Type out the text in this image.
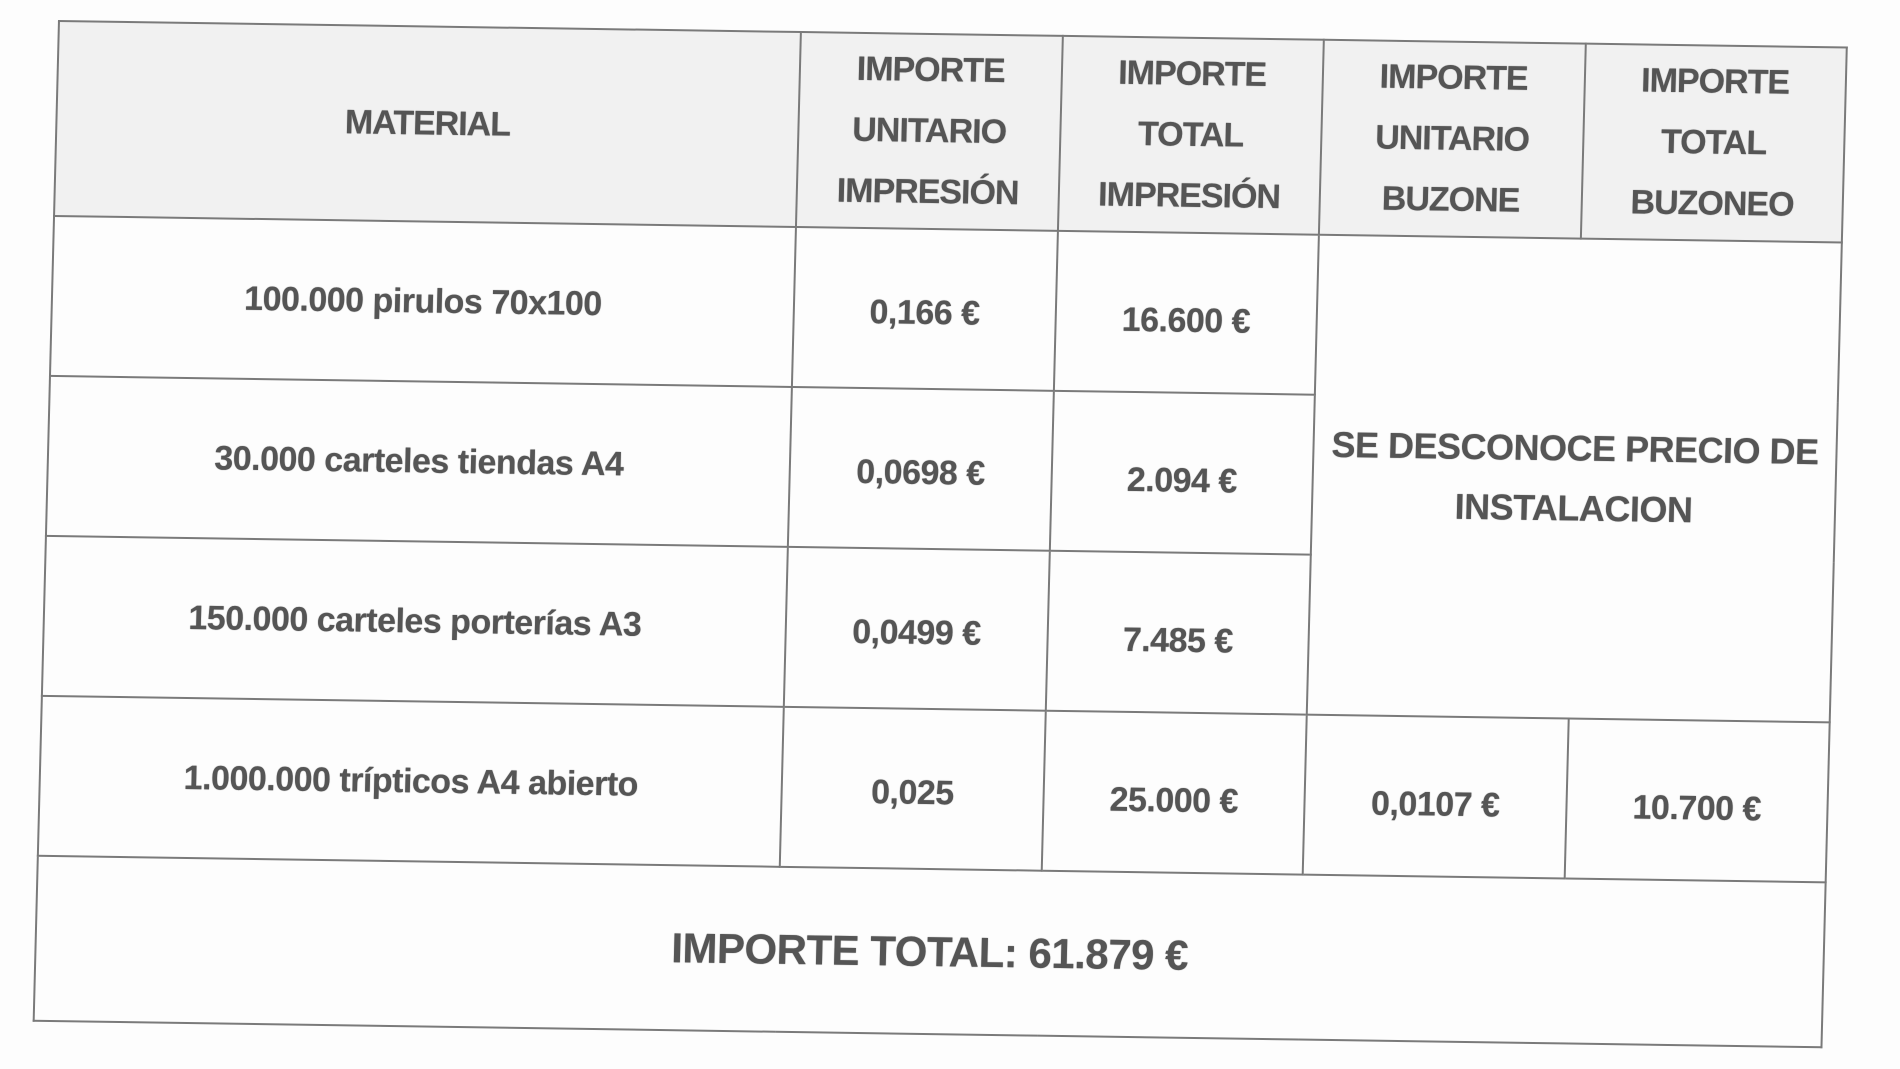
MATERIAL	IMPORTE UNITARIO IMPRESIÓN	IMPORTE TOTAL IMPRESIÓN	IMPORTE UNITARIO BUZONE	IMPORTE TOTAL BUZONEO
100.000 pirulos 70x100	0,166 €	16.600 €	SE DESCONOCE PRECIO DE INSTALACION	
30.000 carteles tiendas A4	0,0698 €	2.094 €		
150.000 carteles porterías A3	0,0499 €	7.485 €		
1.000.000 trípticos A4 abierto	0,025	25.000 €	0,0107 €	10.700 €
IMPORTE TOTAL: 61.879 €				
